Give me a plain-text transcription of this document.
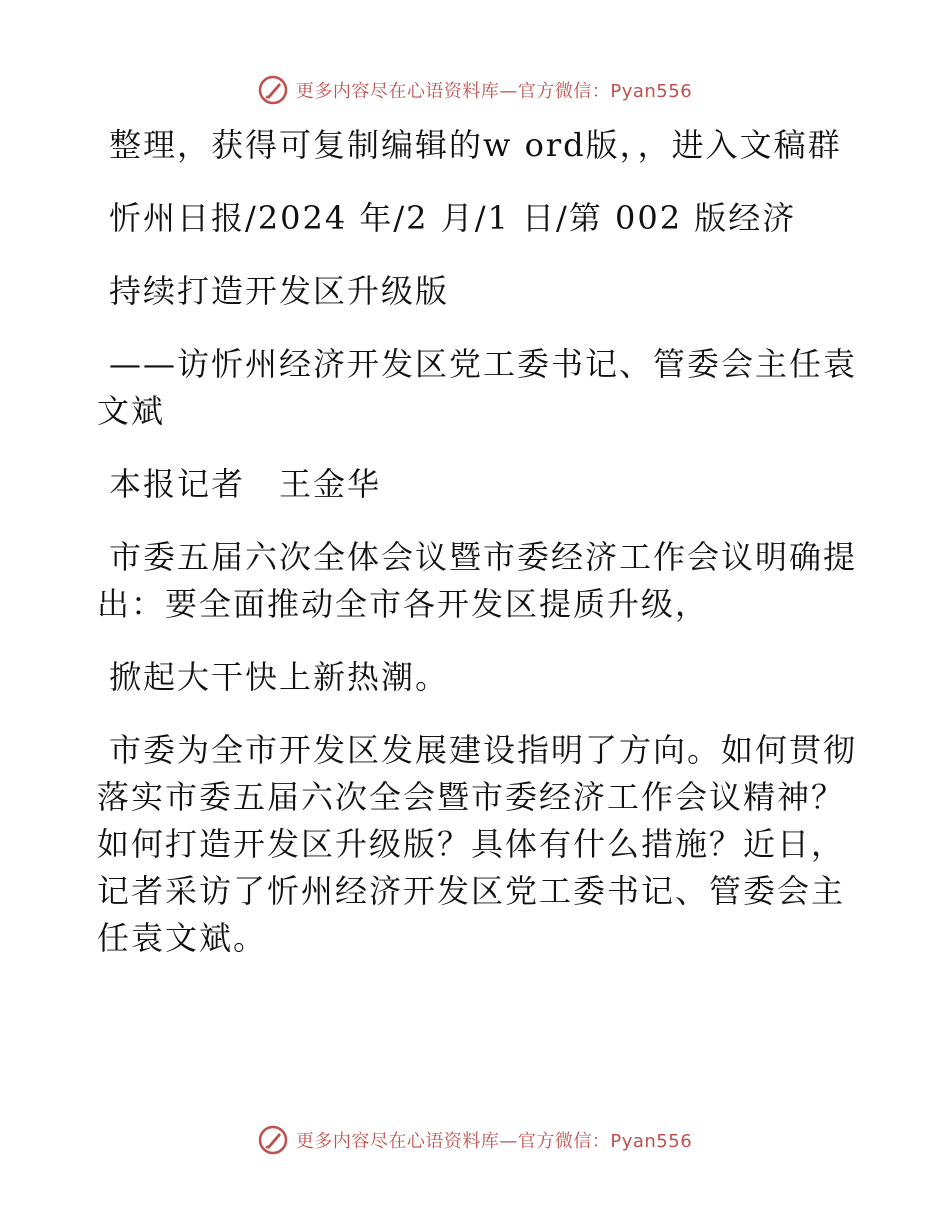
更多内容尽在心语资料库—官方微信：Pyan556

整理，获得可复制编辑的w ord版，，进入文稿群

忻州日报/2024 年/2 月/1 日/第 002 版经济

持续打造开发区升级版

——访忻州经济开发区党工委书记、管委会主任袁文斌

本报记者　王金华

市委五届六次全体会议暨市委经济工作会议明确提出：要全面推动全市各开发区提质升级，

掀起大干快上新热潮。

市委为全市开发区发展建设指明了方向。如何贯彻落实市委五届六次全会暨市委经济工作会议精神？如何打造开发区升级版？具体有什么措施？近日，记者采访了忻州经济开发区党工委书记、管委会主任袁文斌。

更多内容尽在心语资料库—官方微信：Pyan556
